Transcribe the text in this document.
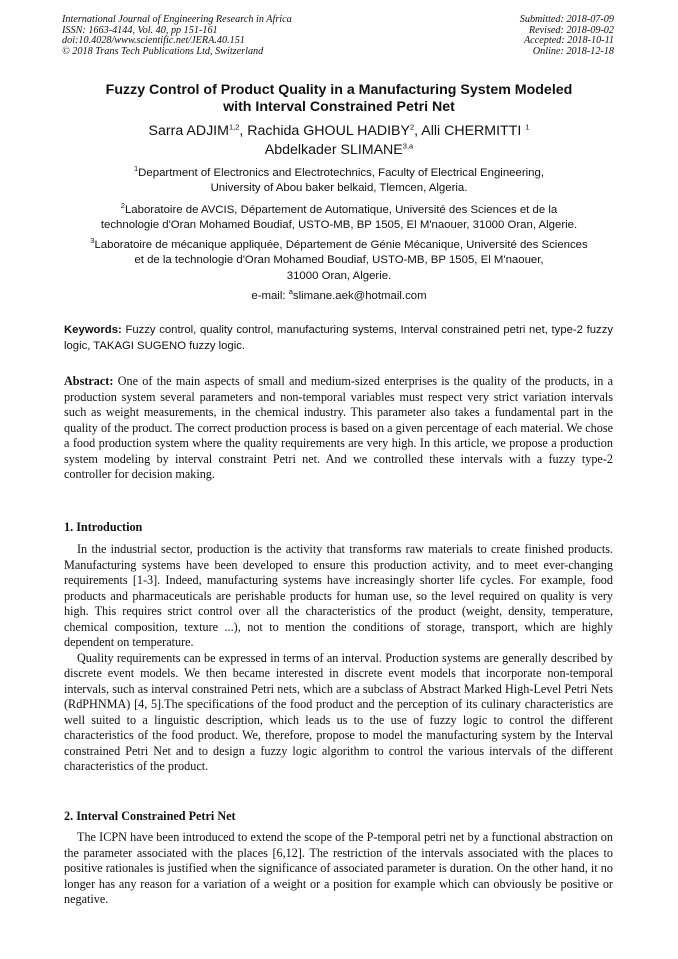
International Journal of Engineering Research in Africa
ISSN: 1663-4144, Vol. 40, pp 151-161
doi:10.4028/www.scientific.net/JERA.40.151
© 2018 Trans Tech Publications Ltd, Switzerland
Submitted: 2018-07-09
Revised: 2018-09-02
Accepted: 2018-10-11
Online: 2018-12-18
Fuzzy Control of Product Quality in a Manufacturing System Modeled
with Interval Constrained Petri Net
Sarra ADJIM$^{1,2}$, Rachida GHOUL HADIBY$^2$, Alli CHERMITTI $^1$
Abdelkader SLIMANE$^{3,a}$
$^1$Department of Electronics and Electrotechnics, Faculty of Electrical Engineering,
University of Abou baker belkaid, Tlemcen, Algeria.
$^2$Laboratoire de AVCIS, Département de Automatique, Université des Sciences et de la
technologie d'Oran Mohamed Boudiaf, USTO-MB, BP 1505, El M'naouer, 31000 Oran, Algerie.
$^3$Laboratoire de mécanique appliquée, Département de Génie Mécanique, Université des Sciences
et de la technologie d'Oran Mohamed Boudiaf, USTO-MB, BP 1505, El M'naouer,
31000 Oran, Algerie.
e-mail: $^a$slimane.aek@hotmail.com
Keywords: Fuzzy control, quality control, manufacturing systems, Interval constrained petri net, type-2 fuzzy logic, TAKAGI SUGENO fuzzy logic.
Abstract: One of the main aspects of small and medium-sized enterprises is the quality of the products, in a production system several parameters and non-temporal variables must respect very strict variation intervals such as weight measurements, in the chemical industry. This parameter also takes a fundamental part in the quality of the product. The correct production process is based on a given percentage of each material. We chose a food production system where the quality requirements are very high. In this article, we propose a production system modeling by interval constraint Petri net. And we controlled these intervals with a fuzzy type-2 controller for decision making.
1. Introduction

In the industrial sector, production is the activity that transforms raw materials to create finished products. Manufacturing systems have been developed to ensure this production activity, and to meet ever-changing requirements [1-3]. Indeed, manufacturing systems have increasingly shorter life cycles. For example, food products and pharmaceuticals are perishable products for human use, so the level required on quality is very high. This requires strict control over all the characteristics of the product (weight, density, temperature, chemical composition, texture ...), not to mention the conditions of storage, transport, which are highly dependent on temperature.

Quality requirements can be expressed in terms of an interval. Production systems are generally described by discrete event models. We then became interested in discrete event models that incorporate non-temporal intervals, such as interval constrained Petri nets, which are a subclass of Abstract Marked High-Level Petri Nets (RdPHNMA) [4, 5].The specifications of the food product and the perception of its culinary characteristics are well suited to a linguistic description, which leads us to the use of fuzzy logic to control the different characteristics of the food product. We, therefore, propose to model the manufacturing system by the Interval constrained Petri Net and to design a fuzzy logic algorithm to control the various intervals of the different characteristics of the product.

2. Interval Constrained Petri Net

The ICPN have been introduced to extend the scope of the P-temporal petri net by a functional abstraction on the parameter associated with the places [6,12]. The restriction of the intervals associated with the places to positive rationales is justified when the significance of associated parameter is duration. On the other hand, it no longer has any reason for a variation of a weight or a position for example which can obviously be positive or negative.
